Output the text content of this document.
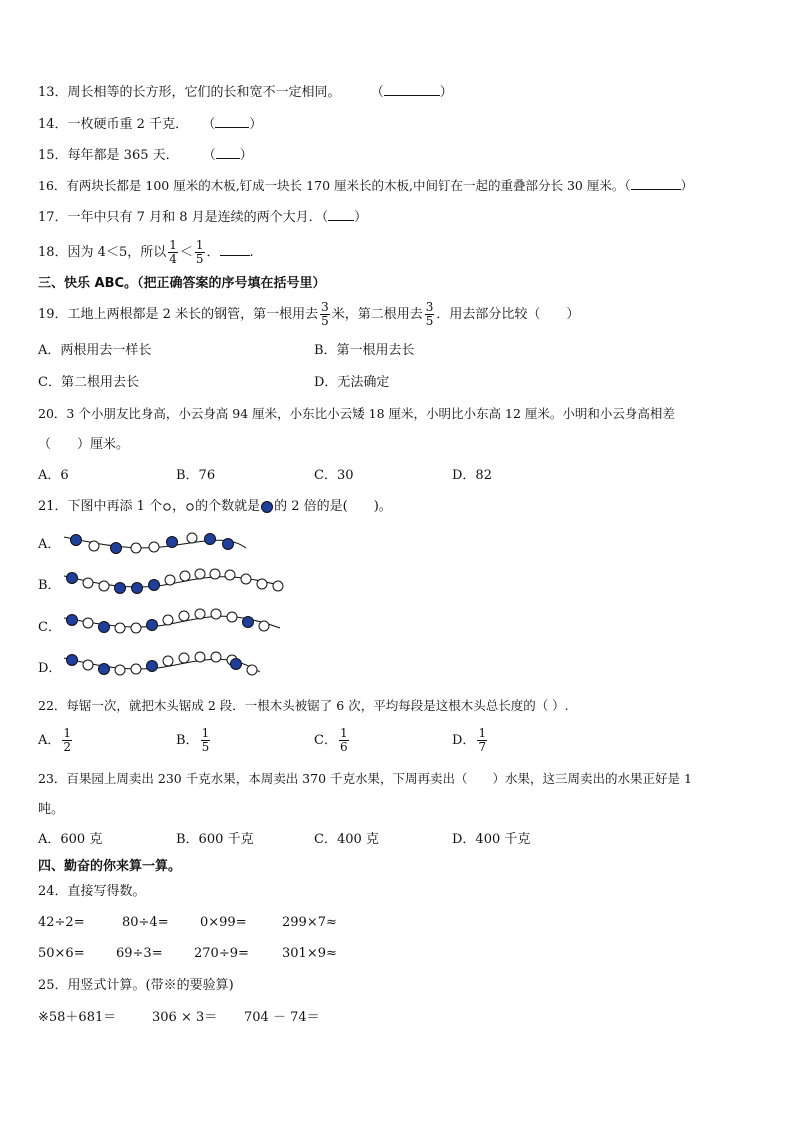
13．周长相等的长方形，它们的长和宽不一定相同。 （	）
14．一枚硬币重 2 千克． （	）
15．每年都是 365 天． （ ）
16．有两块长都是 100 厘米的木板,钉成一块长 170 厘米长的木板,中间钉在一起的重叠部分长 30 厘米。（	）
17．一年中只有 7 月和 8 月是连续的两个大月．（ ）
18．因为 4＜5，所以 $\frac{1}{4} < \frac{1}{5}$ ． .
三、快乐 ABC。（把正确答案的序号填在括号里）
19．工地上两根都是 2 米长的钢管，第一根用去 $\frac{3}{5}$ 米，第二根用去 $\frac{3}{5}$ ．用去部分比较（　　）
A．两根用去一样长	B．第一根用去长
C．第二根用去长	D．无法确定
20．3 个小朋友比身高，小云身高 94 厘米，小东比小云矮 18 厘米，小明比小东高 12 厘米。小明和小云身高相差
（　　）厘米。
A．6	B．76	C．30	D．82
21．下图中再添 1 个 ， 的个数就是 的 2 倍的是(　　)。
A．
B．
C．
D．
22．每锯一次，就把木头锯成 2 段．一根木头被锯了 6 次，平均每段是这根木头总长度的（ ）.
A． $\frac{1}{2}$	B． $\frac{1}{5}$	C． $\frac{1}{6}$	D． $\frac{1}{7}$
23．百果园上周卖出 230 千克水果，本周卖出 370 千克水果，下周再卖出（　　）水果，这三周卖出的水果正好是 1
吨。
A．600 克	B．600 千克	C．400 克	D．400 千克
四、勤奋的你来算一算。
24．直接写得数。
42÷2=	80÷4= 0×99=	299×7≈
50×6= 69÷3= 270÷9=	301×9≈
25．用竖式计算。(带※的要验算)
※58＋681＝	306 × 3＝ 704 － 74＝
